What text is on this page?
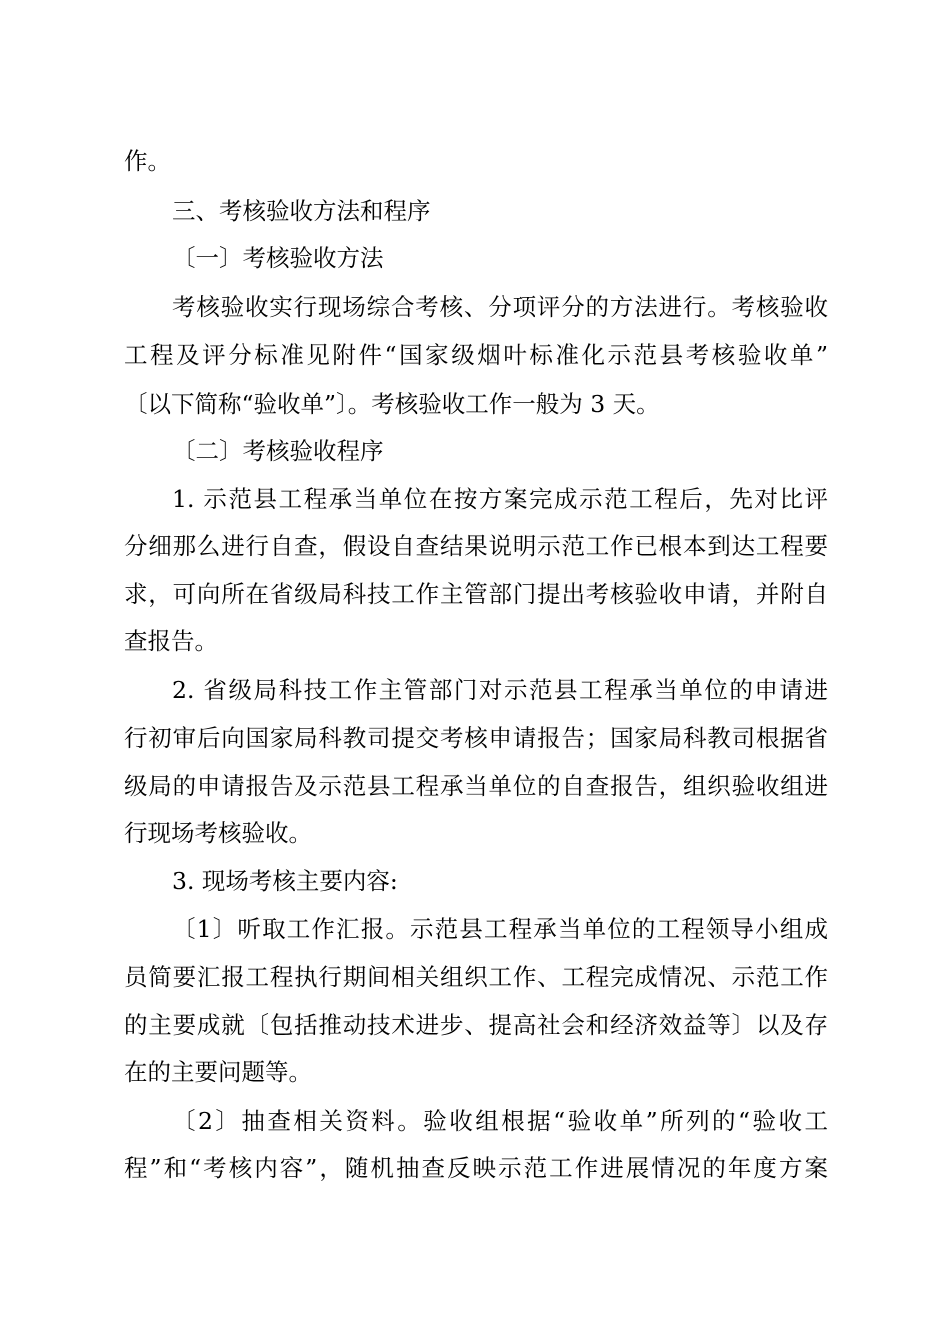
作。
三、考核验收方法和程序
〔一〕考核验收方法
考核验收实行现场综合考核、分项评分的方法进行。考核验收
工程及评分标准见附件“国家级烟叶标准化示范县考核验收单”
〔以下简称“验收单”〕。考核验收工作一般为 3 天。
〔二〕考核验收程序
1. 示范县工程承当单位在按方案完成示范工程后，先对比评
分细那么进行自查，假设自查结果说明示范工作已根本到达工程要
求，可向所在省级局科技工作主管部门提出考核验收申请，并附自
查报告。
2. 省级局科技工作主管部门对示范县工程承当单位的申请进
行初审后向国家局科教司提交考核申请报告；国家局科教司根据省
级局的申请报告及示范县工程承当单位的自查报告，组织验收组进
行现场考核验收。
3. 现场考核主要内容:
〔1〕听取工作汇报。示范县工程承当单位的工程领导小组成
员简要汇报工程执行期间相关组织工作、工程完成情况、示范工作
的主要成就〔包括推动技术进步、提高社会和经济效益等〕以及存
在的主要问题等。
〔2〕抽查相关资料。验收组根据“验收单”所列的“验收工
程”和“考核内容”，随机抽查反映示范工作进展情况的年度方案
